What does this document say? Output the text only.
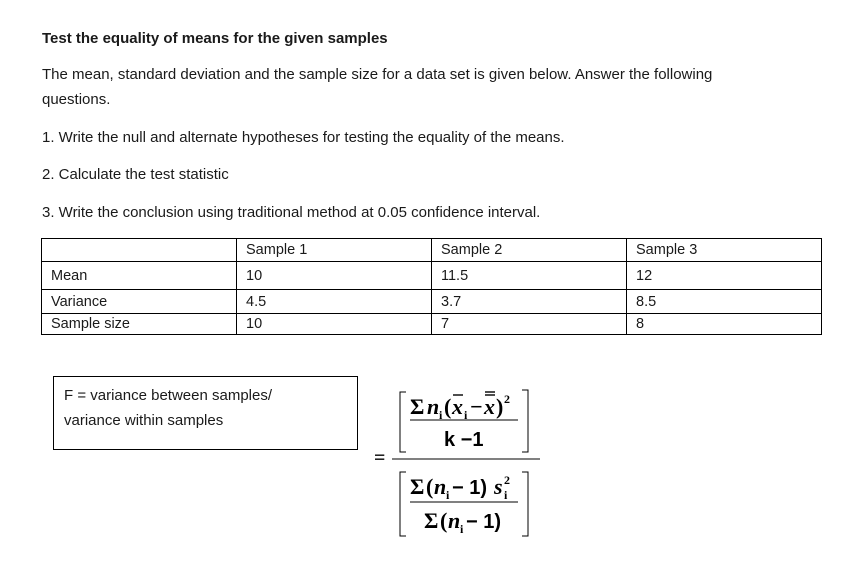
Test the equality of means for the given samples

The mean, standard deviation and the sample size for a data set is given below. Answer the following

questions.

1. Write the null and alternate hypotheses for testing the equality of the means.

2. Calculate the test statistic

3. Write the conclusion using traditional method at 0.05 confidence interval.

	Sample 1	Sample 2	Sample 3
Mean	10	11.5	12
Variance	4.5	3.7	8.5
Sample size	10	7	8
F = variance between samples/
variance within samples
=
Σ n i ( x i − x ) 2
k −1
Σ ( n i − 1) s i
2
Σ ( n i − 1)
